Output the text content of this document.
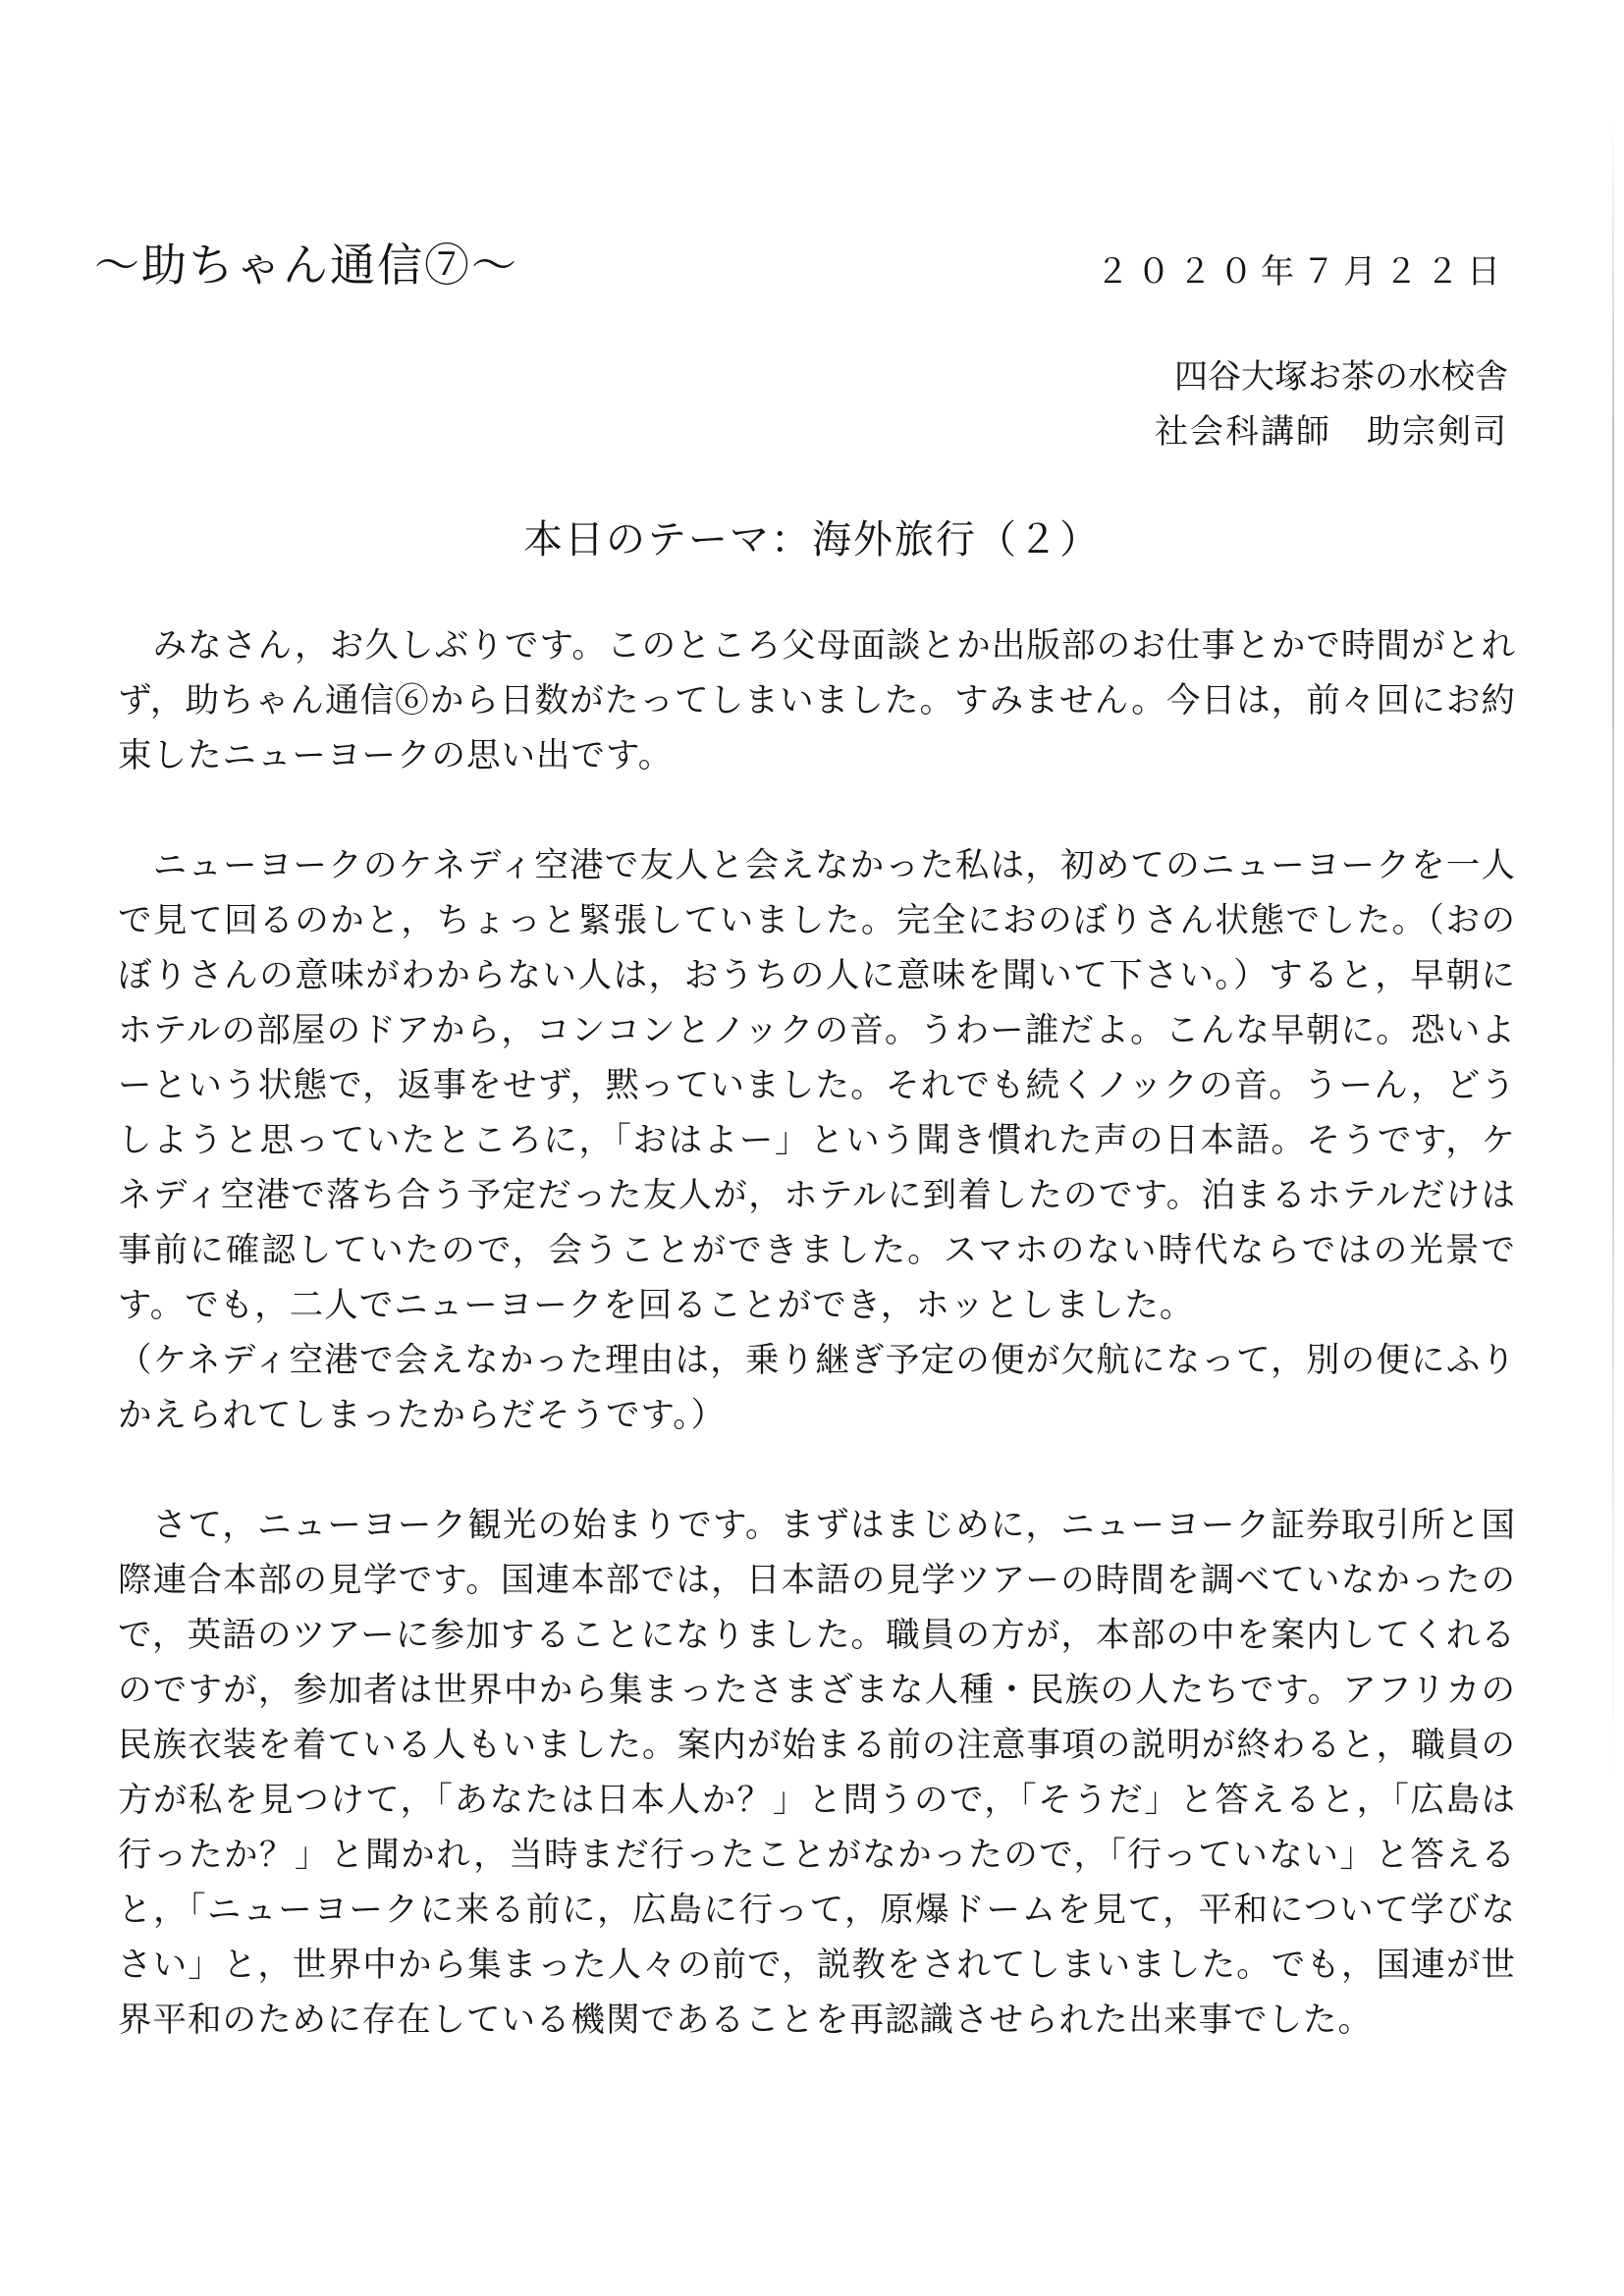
～助ちゃん通信⑦～	２０２０年７月２２日
四谷大塚お茶の水校舎
社会科講師　助宗剣司
本日のテーマ：海外旅行（２）

　みなさん，お久しぶりです。このところ父母面談とか出版部のお仕事とかで時間がとれず，助ちゃん通信⑥から日数がたってしまいました。すみません。今日は，前々回にお約束したニューヨークの思い出です。

　ニューヨークのケネディ空港で友人と会えなかった私は，初めてのニューヨークを一人で見て回るのかと，ちょっと緊張していました。完全におのぼりさん状態でした。（おのぼりさんの意味がわからない人は，おうちの人に意味を聞いて下さい。）すると，早朝にホテルの部屋のドアから，コンコンとノックの音。うわー誰だよ。こんな早朝に。恐いよーという状態で，返事をせず，黙っていました。それでも続くノックの音。うーん，どうしようと思っていたところに，「おはよー」という聞き慣れた声の日本語。そうです，ケネディ空港で落ち合う予定だった友人が，ホテルに到着したのです。泊まるホテルだけは事前に確認していたので，会うことができました。スマホのない時代ならではの光景です。でも，二人でニューヨークを回ることができ，ホッとしました。

（ケネディ空港で会えなかった理由は，乗り継ぎ予定の便が欠航になって，別の便にふりかえられてしまったからだそうです。）

　さて，ニューヨーク観光の始まりです。まずはまじめに，ニューヨーク証券取引所と国際連合本部の見学です。国連本部では，日本語の見学ツアーの時間を調べていなかったので，英語のツアーに参加することになりました。職員の方が，本部の中を案内してくれるのですが，参加者は世界中から集まったさまざまな人種・民族の人たちです。アフリカの民族衣装を着ている人もいました。案内が始まる前の注意事項の説明が終わると，職員の方が私を見つけて，「あなたは日本人か？」と問うので，「そうだ」と答えると，「広島は行ったか？」と聞かれ，当時まだ行ったことがなかったので，「行っていない」と答えると，「ニューヨークに来る前に，広島に行って，原爆ドームを見て，平和について学びなさい」と，世界中から集まった人々の前で，説教をされてしまいました。でも，国連が世界平和のために存在している機関であることを再認識させられた出来事でした。
